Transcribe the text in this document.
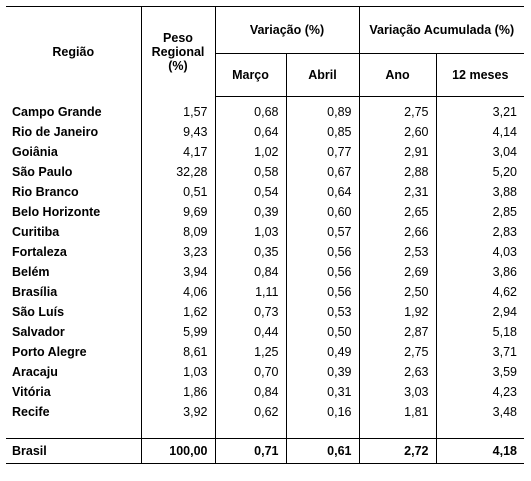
Região	Peso Regional (%)	Variação (%)		Variação Acumulada (%)	
		Março	Abril	Ano	12 meses
Campo Grande	1,57	0,68	0,89	2,75	3,21
Rio de Janeiro	9,43	0,64	0,85	2,60	4,14
Goiânia	4,17	1,02	0,77	2,91	3,04
São Paulo	32,28	0,58	0,67	2,88	5,20
Rio Branco	0,51	0,54	0,64	2,31	3,88
Belo Horizonte	9,69	0,39	0,60	2,65	2,85
Curitiba	8,09	1,03	0,57	2,66	2,83
Fortaleza	3,23	0,35	0,56	2,53	4,03
Belém	3,94	0,84	0,56	2,69	3,86
Brasília	4,06	1,11	0,56	2,50	4,62
São Luís	1,62	0,73	0,53	1,92	2,94
Salvador	5,99	0,44	0,50	2,87	5,18
Porto Alegre	8,61	1,25	0,49	2,75	3,71
Aracaju	1,03	0,70	0,39	2,63	3,59
Vitória	1,86	0,84	0,31	3,03	4,23
Recife	3,92	0,62	0,16	1,81	3,48

Brasil	100,00	0,71	0,61	2,72	4,18
